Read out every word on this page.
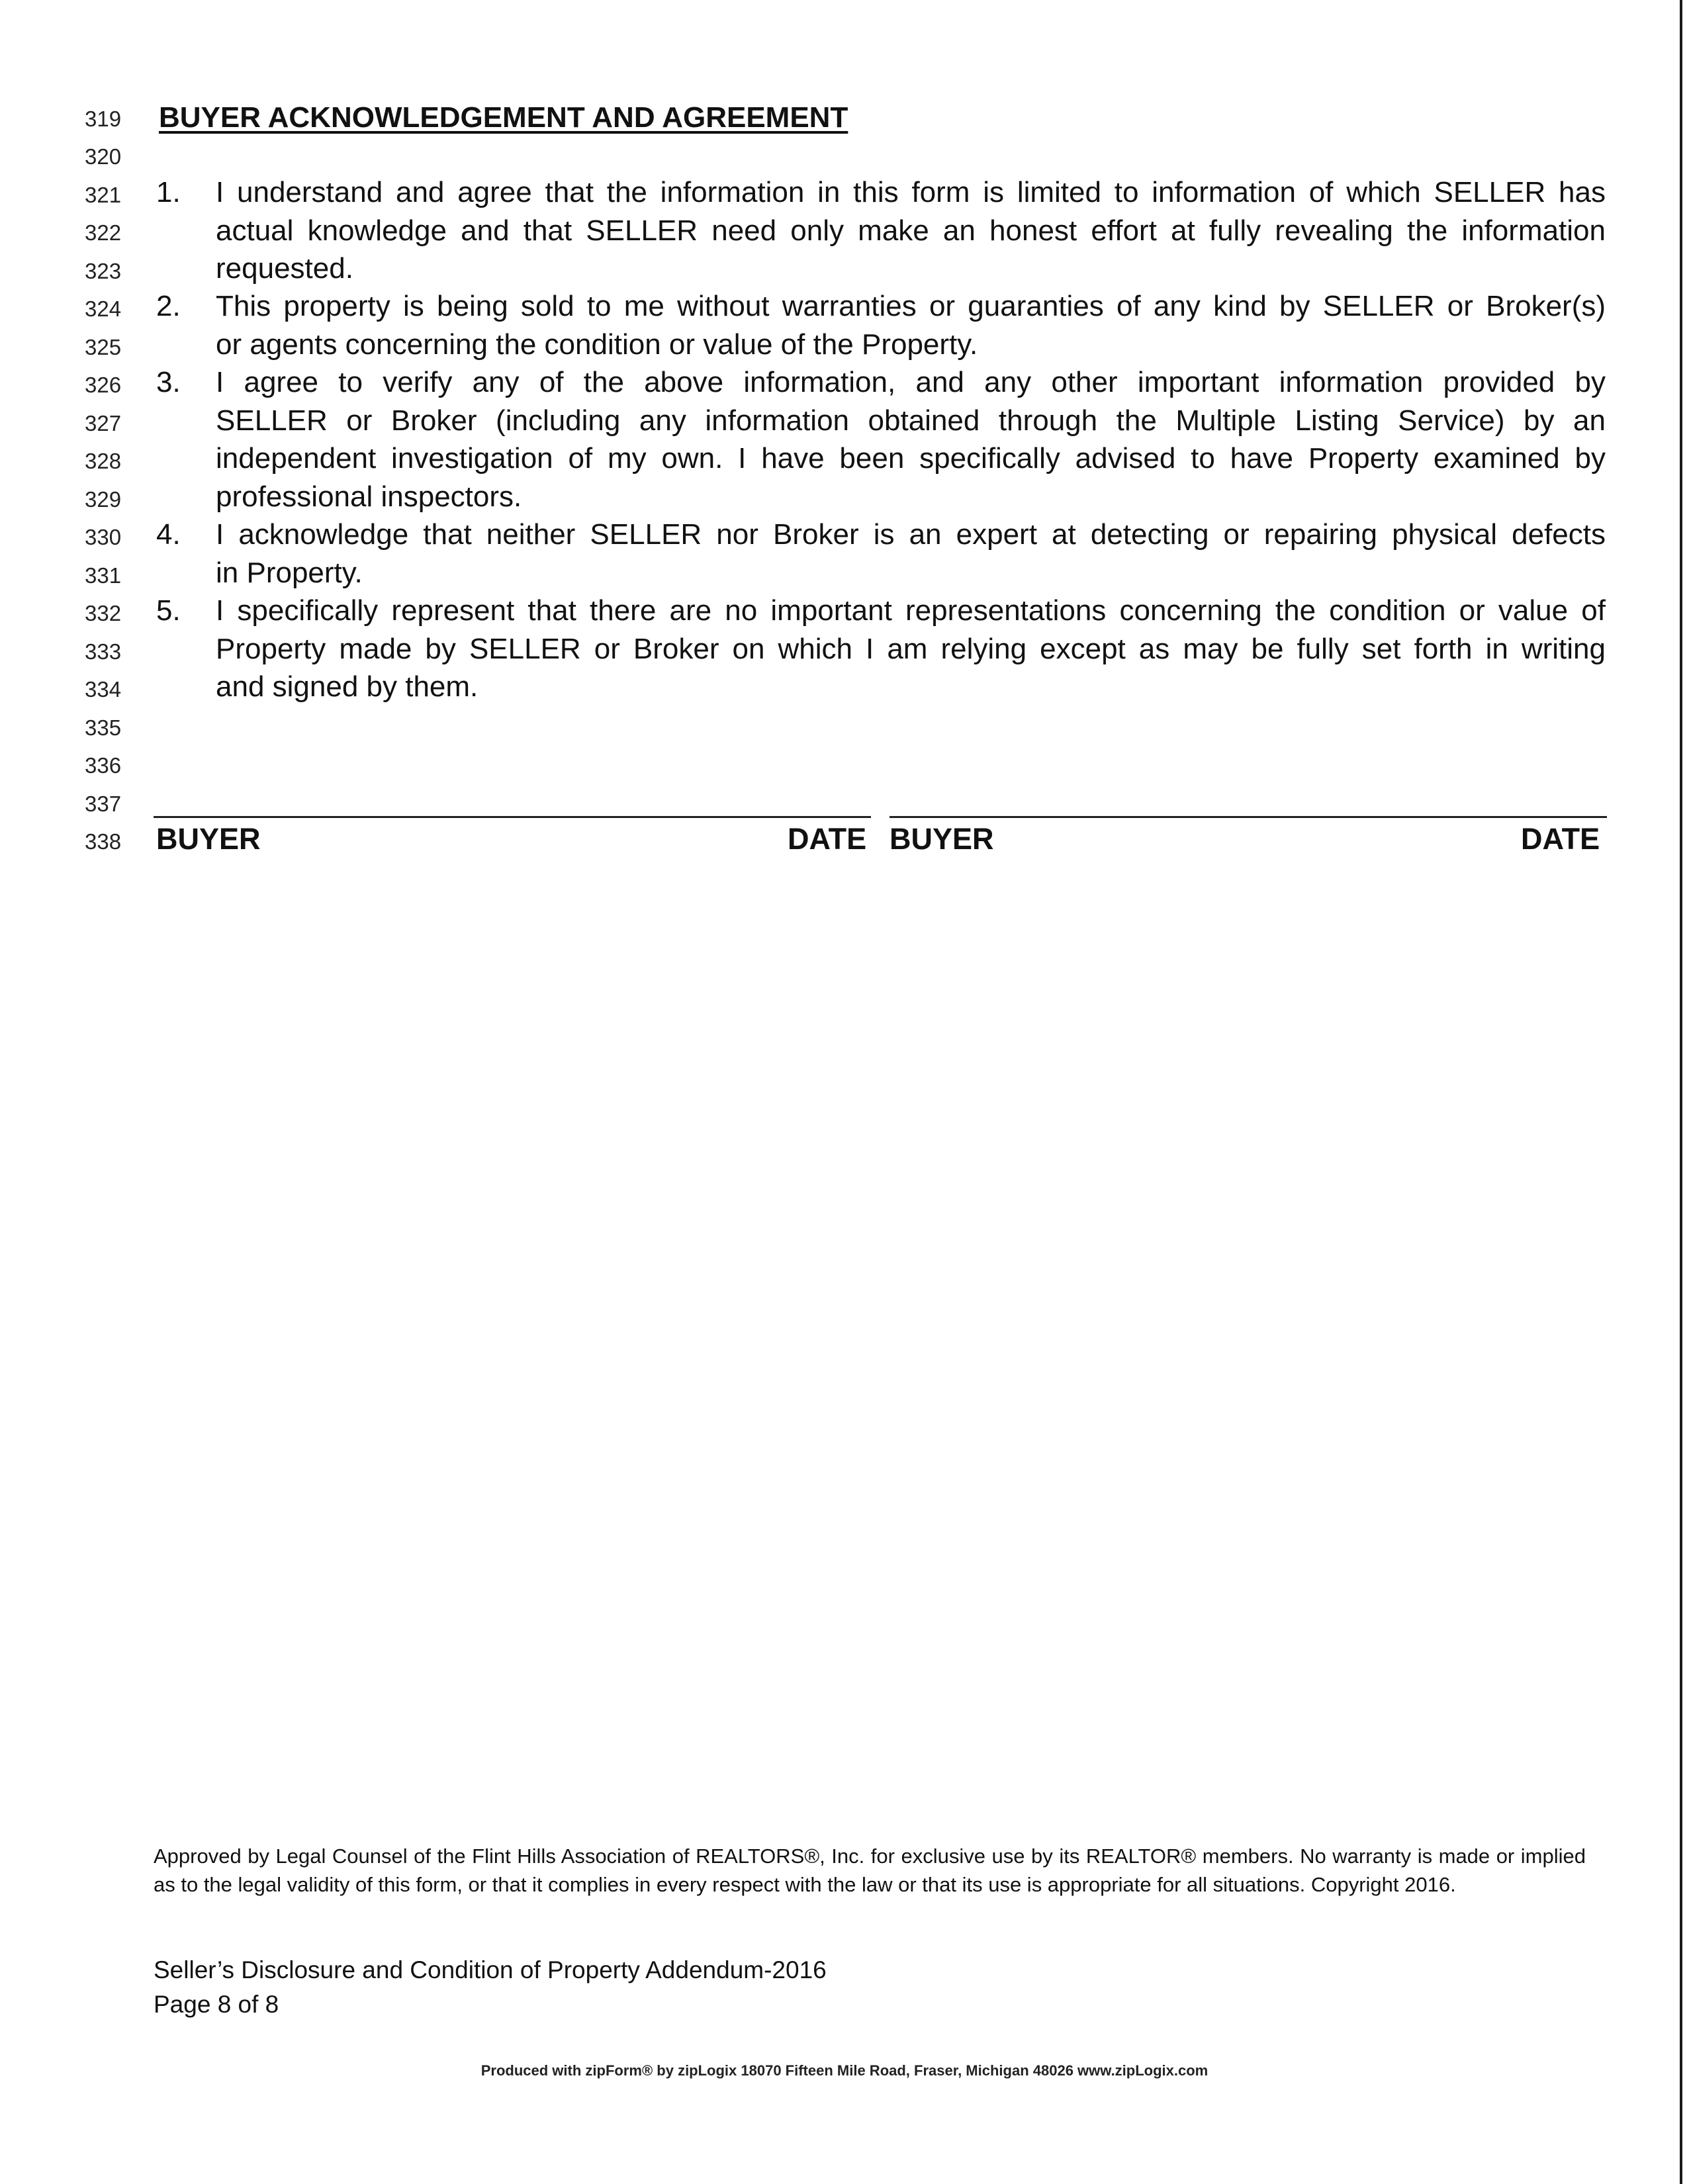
319
320
321
322
323
324
325
326
327
328
329
330
331
332
333
334
335
336
337
338
BUYER ACKNOWLEDGEMENT AND AGREEMENT
1. I understand and agree that the information in this form is limited to information of which SELLER has
actual knowledge and that SELLER need only make an honest effort at fully revealing the information
requested.
2. This property is being sold to me without warranties or guaranties of any kind by SELLER or Broker(s)
or agents concerning the condition or value of the Property.
3. I agree to verify any of the above information, and any other important information provided by
SELLER or Broker (including any information obtained through the Multiple Listing Service) by an
independent investigation of my own. I have been specifically advised to have Property examined by
professional inspectors.
4. I acknowledge that neither SELLER nor Broker is an expert at detecting or repairing physical defects
in Property.
5. I specifically represent that there are no important representations concerning the condition or value of
Property made by SELLER or Broker on which I am relying except as may be fully set forth in writing
and signed by them.
BUYER	DATE BUYER	DATE
Approved by Legal Counsel of the Flint Hills Association of REALTORS®, Inc. for exclusive use by its REALTOR® members. No warranty is made or implied as to the legal validity of this form, or that it complies in every respect with the law or that its use is appropriate for all situations. Copyright 2016.
Seller’s Disclosure and Condition of Property Addendum-2016
Page 8 of 8
Produced with zipForm® by zipLogix 18070 Fifteen Mile Road, Fraser, Michigan 48026 www.zipLogix.com
